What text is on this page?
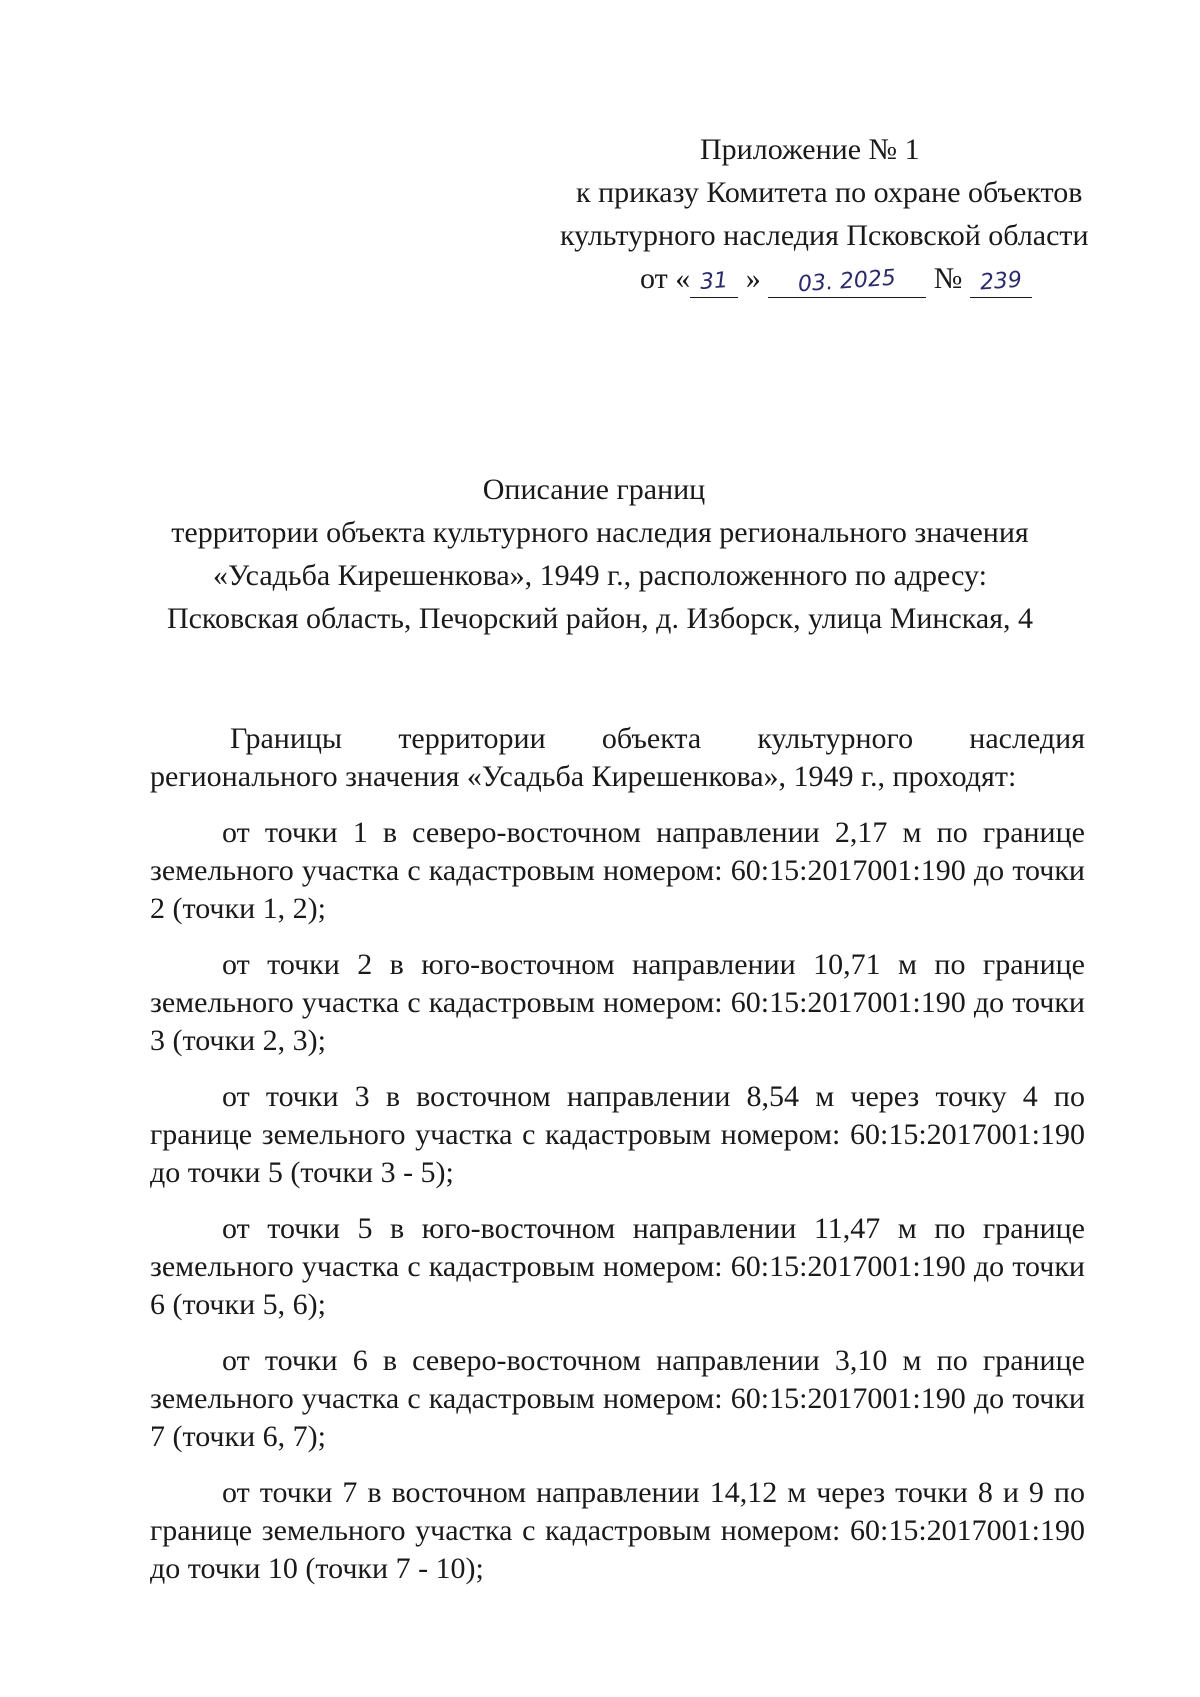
Приложение № 1
к приказу Комитета по охране объектов
культурного наследия Псковской области
от « 31 » 03. 2025 № 239
Описание границ
территории объекта культурного наследия регионального значения
«Усадьба Кирешенкова», 1949 г., расположенного по адресу:
Псковская область, Печорский район, д. Изборск, улица Минская, 4

Границы территории объекта культурного наследия регионального значения «Усадьба Кирешенкова», 1949 г., проходят:

от точки 1 в северо-восточном направлении 2,17 м по границе земельного участка с кадастровым номером: 60:15:2017001:190 до точки 2 (точки 1, 2);

от точки 2 в юго-восточном направлении 10,71 м по границе земельного участка с кадастровым номером: 60:15:2017001:190 до точки 3 (точки 2, 3);

от точки 3 в восточном направлении 8,54 м через точку 4 по границе земельного участка с кадастровым номером: 60:15:2017001:190 до точки 5 (точки 3 - 5);

от точки 5 в юго-восточном направлении 11,47 м по границе земельного участка с кадастровым номером: 60:15:2017001:190 до точки 6 (точки 5, 6);

от точки 6 в северо-восточном направлении 3,10 м по границе земельного участка с кадастровым номером: 60:15:2017001:190 до точки 7 (точки 6, 7);

от точки 7 в восточном направлении 14,12 м через точки 8 и 9 по границе земельного участка с кадастровым номером: 60:15:2017001:190 до точки 10 (точки 7 - 10);
